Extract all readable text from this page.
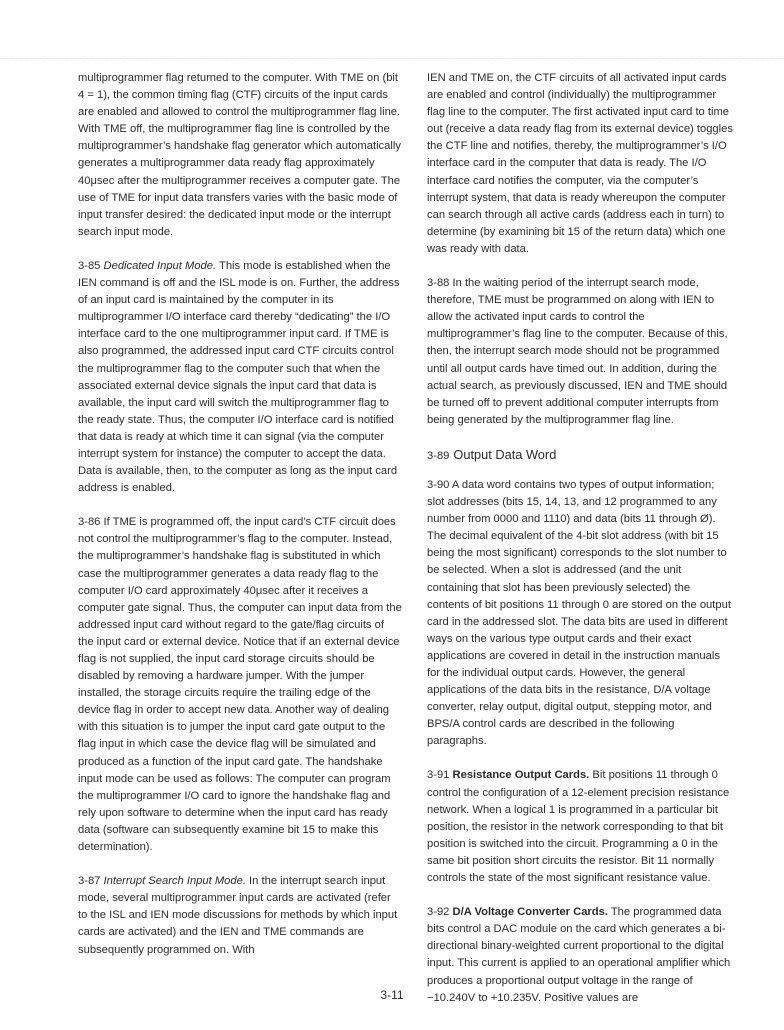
multiprogrammer flag returned to the computer. With TME on (bit 4 = 1), the common timing flag (CTF) circuits of the input cards are enabled and allowed to control the multiprogrammer flag line. With TME off, the multiprogrammer flag line is controlled by the multiprogrammer’s handshake flag generator which automatically generates a multiprogrammer data ready flag approximately 40μsec after the multiprogrammer receives a computer gate. The use of TME for input data transfers varies with the basic mode of input transfer desired: the dedicated input mode or the interrupt search input mode.

3-85 Dedicated Input Mode. This mode is established when the IEN command is off and the ISL mode is on. Further, the address of an input card is maintained by the computer in its multiprogrammer I/O interface card thereby “dedicating” the I/O interface card to the one multiprogrammer input card. If TME is also programmed, the addressed input card CTF circuits control the multiprogrammer flag to the computer such that when the associated external device signals the input card that data is available, the input card will switch the multiprogrammer flag to the ready state. Thus, the computer I/O interface card is notified that data is ready at which time it can signal (via the computer interrupt system for instance) the computer to accept the data. Data is available, then, to the computer as long as the input card address is enabled.

3-86 If TME is programmed off, the input card’s CTF circuit does not control the multiprogrammer’s flag to the computer. Instead, the multiprogrammer’s handshake flag is substituted in which case the multiprogrammer generates a data ready flag to the computer I/O card approximately 40μsec after it receives a computer gate signal. Thus, the computer can input data from the addressed input card without regard to the gate/flag circuits of the input card or external device. Notice that if an external device flag is not supplied, the input card storage circuits should be disabled by removing a hardware jumper. With the jumper installed, the storage circuits require the trailing edge of the device flag in order to accept new data. Another way of dealing with this situation is to jumper the input card gate output to the flag input in which case the device flag will be simulated and produced as a function of the input card gate. The handshake input mode can be used as follows: The computer can program the multiprogrammer I/O card to ignore the handshake flag and rely upon software to determine when the input card has ready data (software can subsequently examine bit 15 to make this determination).

3-87 Interrupt Search Input Mode. In the interrupt search input mode, several multiprogrammer input cards are activated (refer to the ISL and IEN mode discussions for methods by which input cards are activated) and the IEN and TME commands are subsequently programmed on. With

IEN and TME on, the CTF circuits of all activated input cards are enabled and control (individually) the multiprogrammer flag line to the computer. The first activated input card to time out (receive a data ready flag from its external device) toggles the CTF line and notifies, thereby, the multiprogrammer’s I/O interface card in the computer that data is ready. The I/O interface card notifies the computer, via the computer’s interrupt system, that data is ready whereupon the computer can search through all active cards (address each in turn) to determine (by examining bit 15 of the return data) which one was ready with data.

3-88 In the waiting period of the interrupt search mode, therefore, TME must be programmed on along with IEN to allow the activated input cards to control the multiprogrammer’s flag line to the computer. Because of this, then, the interrupt search mode should not be programmed until all output cards have timed out. In addition, during the actual search, as previously discussed, IEN and TME should be turned off to prevent additional computer interrupts from being generated by the multiprogrammer flag line.

3-89 Output Data Word

3-90 A data word contains two types of output information; slot addresses (bits 15, 14, 13, and 12 programmed to any number from 0000 and 1110) and data (bits 11 through Ø). The decimal equivalent of the 4-bit slot address (with bit 15 being the most significant) corresponds to the slot number to be selected. When a slot is addressed (and the unit containing that slot has been previously selected) the contents of bit positions 11 through 0 are stored on the output card in the addressed slot. The data bits are used in different ways on the various type output cards and their exact applications are covered in detail in the instruction manuals for the individual output cards. However, the general applications of the data bits in the resistance, D/A voltage converter, relay output, digital output, stepping motor, and BPS/A control cards are described in the following paragraphs.

3-91 Resistance Output Cards. Bit positions 11 through 0 control the configuration of a 12-element precision resistance network. When a logical 1 is programmed in a particular bit position, the resistor in the network corresponding to that bit position is switched into the circuit. Programming a 0 in the same bit position short circuits the resistor. Bit 11 normally controls the state of the most significant resistance value.

3-92 D/A Voltage Converter Cards. The programmed data bits control a DAC module on the card which generates a bi-directional binary-weighted current proportional to the digital input. This current is applied to an operational amplifier which produces a proportional output voltage in the range of −10.240V to +10.235V. Positive values are

3-11
